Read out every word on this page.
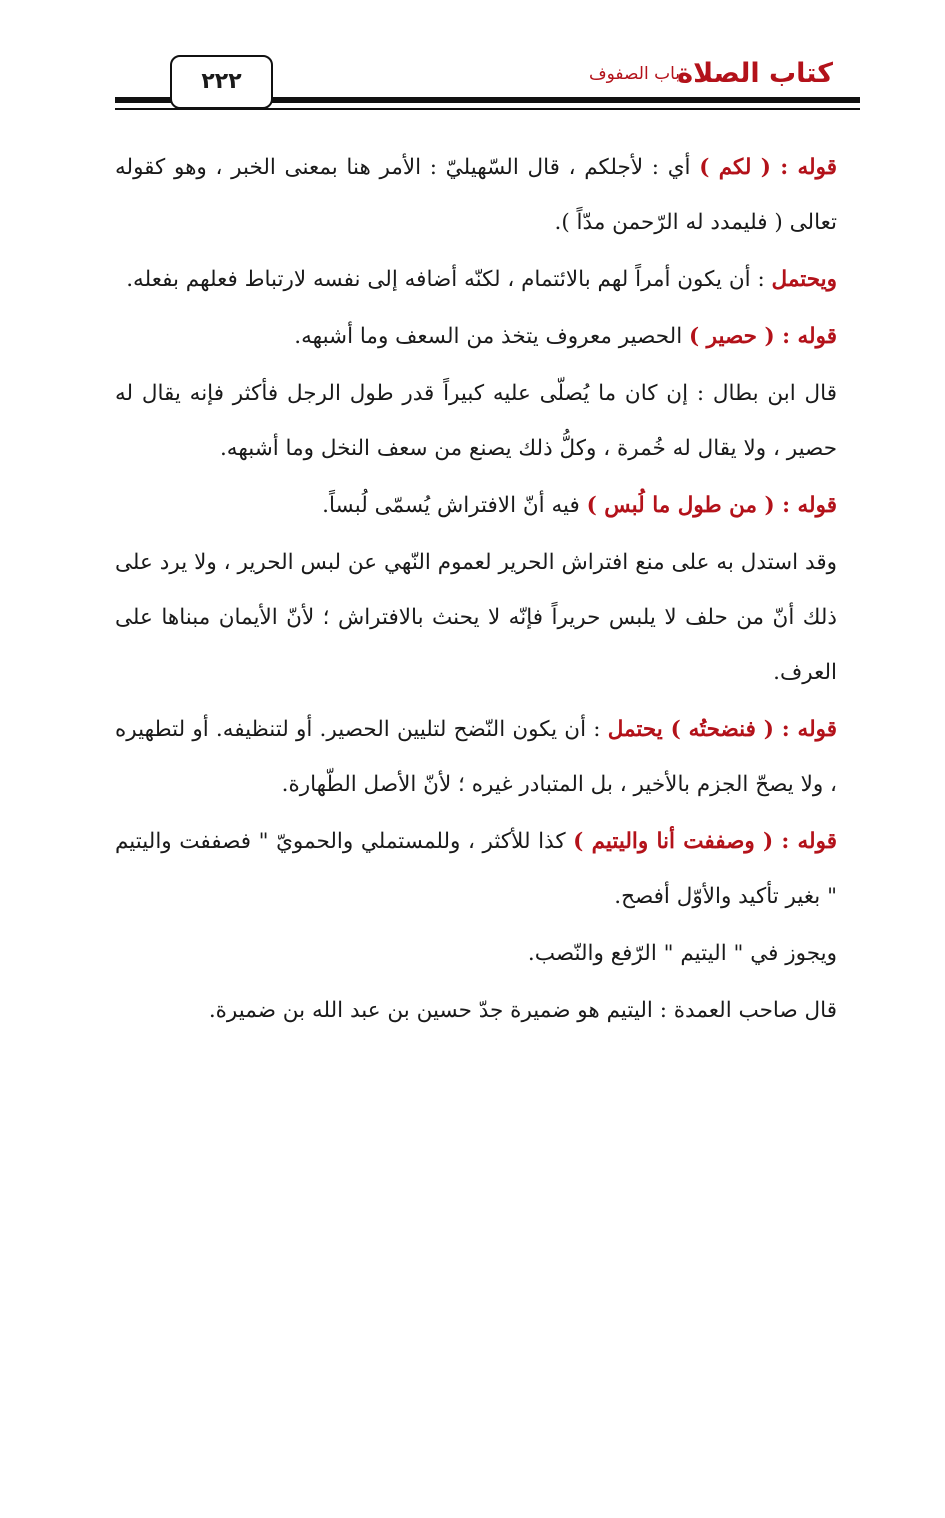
كتاب الصلاة
باب الصفوف
٢٢٢

قوله : ( لكم ) أي : لأجلكم ، قال السّهيليّ : الأمر هنا بمعنى الخبر ، وهو كقوله تعالى ( فليمدد له الرّحمن مدّاً ).

ويحتمل : أن يكون أمراً لهم بالائتمام ، لكنّه أضافه إلى نفسه لارتباط فعلهم بفعله.

قوله : ( حصير ) الحصير معروف يتخذ من السعف وما أشبهه.

قال ابن بطال : إن كان ما يُصلّى عليه كبيراً قدر طول الرجل فأكثر فإنه يقال له حصير ، ولا يقال له خُمرة ، وكلُّ ذلك يصنع من سعف النخل وما أشبهه.

قوله : ( من طول ما لُبس ) فيه أنّ الافتراش يُسمّى لُبساً.

وقد استدل به على منع افتراش الحرير لعموم النّهي عن لبس الحرير ، ولا يرد على ذلك أنّ من حلف لا يلبس حريراً فإنّه لا يحنث بالافتراش ؛ لأنّ الأيمان مبناها على العرف.

قوله : ( فنضحتُه ) يحتمل : أن يكون النّضح لتليين الحصير. أو لتنظيفه. أو لتطهيره ، ولا يصحّ الجزم بالأخير ، بل المتبادر غيره ؛ لأنّ الأصل الطّهارة.

قوله : ( وصففت أنا واليتيم ) كذا للأكثر ، وللمستملي والحمويّ " فصففت واليتيم " بغير تأكيد والأوّل أفصح.

ويجوز في " اليتيم " الرّفع والنّصب.

قال صاحب العمدة : اليتيم هو ضميرة جدّ حسين بن عبد الله بن ضميرة.
